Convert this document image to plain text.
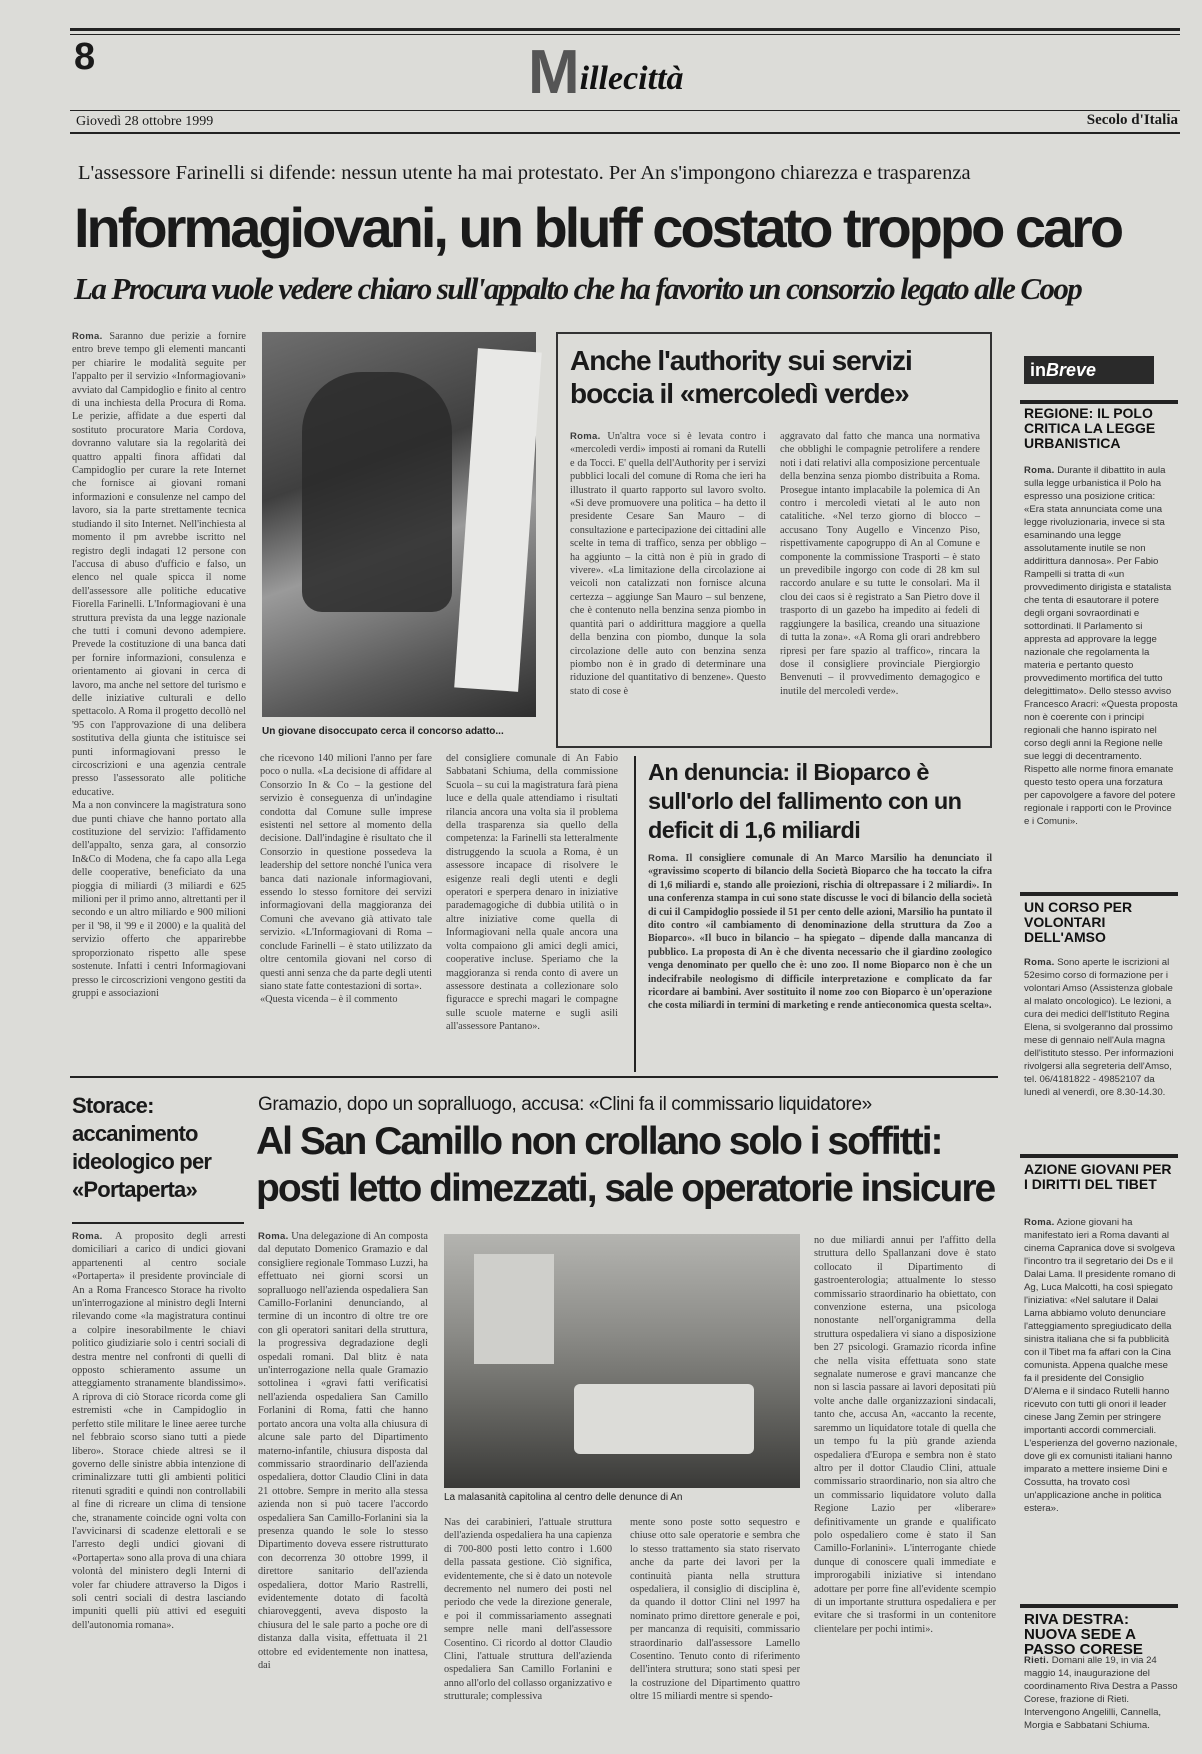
8	Millecittà
Giovedì 28 ottobre 1999	Secolo d'Italia
L'assessore Farinelli si difende: nessun utente ha mai protestato. Per An s'impongono chiarezza e trasparenza
Informagiovani, un bluff costato troppo caro
La Procura vuole vedere chiaro sull'appalto che ha favorito un consorzio legato alle Coop
Roma. Saranno due perizie a fornire entro breve tempo gli elementi mancanti per chiarire le modalità seguite per l'appalto per il servizio «Informagiovani» avviato dal Campidoglio e finito al centro di una inchiesta della Procura di Roma. Le perizie, affidate a due esperti dal sostituto procuratore Maria Cordova, dovranno valutare sia la regolarità dei quattro appalti finora affidati dal Campidoglio per curare la rete Internet che fornisce ai giovani romani informazioni e consulenze nel campo del lavoro, sia la parte strettamente tecnica studiando il sito Internet. Nell'inchiesta al momento il pm avrebbe iscritto nel registro degli indagati 12 persone con l'accusa di abuso d'ufficio e falso, un elenco nel quale spicca il nome dell'assessore alle politiche educative Fiorella Farinelli. L'Informagiovani è una struttura prevista da una legge nazionale che tutti i comuni devono adempiere. Prevede la costituzione di una banca dati per fornire informazioni, consulenza e orientamento ai giovani in cerca di lavoro, ma anche nel settore del turismo e delle iniziative culturali e dello spettacolo. A Roma il progetto decollò nel '95 con l'approvazione di una delibera sostitutiva della giunta che istituisce sei punti informagiovani presso le circoscrizioni e una agenzia centrale presso l'assessorato alle politiche educative.
Ma a non convincere la magistratura sono due punti chiave che hanno portato alla costituzione del servizio: l'affidamento dell'appalto, senza gara, al consorzio In&Co di Modena, che fa capo alla Lega delle cooperative, beneficiato da una pioggia di miliardi (3 miliardi e 625 milioni per il primo anno, altrettanti per il secondo e un altro miliardo e 900 milioni per il '98, il '99 e il 2000) e la qualità del servizio offerto che apparirebbe sproporzionato rispetto alle spese sostenute. Infatti i centri Informagiovani presso le circoscrizioni vengono gestiti da gruppi e associazioni
Un giovane disoccupato cerca il concorso adatto...
che ricevono 140 milioni l'anno per fare poco o nulla. «La decisione di affidare al Consorzio In & Co – la gestione del servizio è conseguenza di un'indagine condotta dal Comune sulle imprese esistenti nel settore al momento della decisione. Dall'indagine è risultato che il Consorzio in questione possedeva la leadership del settore nonché l'unica vera banca dati nazionale informagiovani, essendo lo stesso fornitore dei servizi informagiovani della maggioranza dei Comuni che avevano già attivato tale servizio. «L'Informagiovani di Roma – conclude Farinelli – è stato utilizzato da oltre centomila giovani nel corso di questi anni senza che da parte degli utenti siano state fatte contestazioni di sorta».
«Questa vicenda – è il commento
del consigliere comunale di An Fabio Sabbatani Schiuma, della commissione Scuola – su cui la magistratura farà piena luce e della quale attendiamo i risultati rilancia ancora una volta sia il problema della trasparenza sia quello della competenza: la Farinelli sta letteralmente distruggendo la scuola a Roma, è un assessore incapace di risolvere le esigenze reali degli utenti e degli operatori e sperpera denaro in iniziative parademagogiche di dubbia utilità o in altre iniziative come quella di Informagiovani nella quale ancora una volta compaiono gli amici degli amici, cooperative incluse. Speriamo che la maggioranza si renda conto di avere un assessore destinata a collezionare solo figuracce e sprechi magari le compagne sulle scuole materne e sugli asili all'assessore Pantano».
Anche l'authority sui servizi boccia il «mercoledì verde»
Roma. Un'altra voce si è levata contro i «mercoledì verdi» imposti ai romani da Rutelli e da Tocci. E' quella dell'Authority per i servizi pubblici locali del comune di Roma che ieri ha illustrato il quarto rapporto sul lavoro svolto. «Si deve promuovere una politica – ha detto il presidente Cesare San Mauro – di consultazione e partecipazione dei cittadini alle scelte in tema di traffico, senza per obbligo – ha aggiunto – la città non è più in grado di vivere». «La limitazione della circolazione ai veicoli non catalizzati non fornisce alcuna certezza – aggiunge San Mauro – sul benzene, che è contenuto nella benzina senza piombo in quantità pari o addirittura maggiore a quella della benzina con piombo, dunque la sola circolazione delle auto con benzina senza piombo non è in grado di determinare una riduzione del quantitativo di benzene». Questo stato di cose è
aggravato dal fatto che manca una normativa che obblighi le compagnie petrolifere a rendere noti i dati relativi alla composizione percentuale della benzina senza piombo distribuita a Roma. Prosegue intanto implacabile la polemica di An contro i mercoledì vietati al le auto non catalitiche. «Nel terzo giorno di blocco – accusano Tony Augello e Vincenzo Piso, rispettivamente capogruppo di An al Comune e componente la commissione Trasporti – è stato un prevedibile ingorgo con code di 28 km sul raccordo anulare e su tutte le consolari. Ma il clou dei caos si è registrato a San Pietro dove il trasporto di un gazebo ha impedito ai fedeli di raggiungere la basilica, creando una situazione di tutta la zona». «A Roma gli orari andrebbero ripresi per fare spazio al traffico», rincara la dose il consigliere provinciale Piergiorgio Benvenuti – il provvedimento demagogico e inutile del mercoledì verde».
An denuncia: il Bioparco è sull'orlo del fallimento con un deficit di 1,6 miliardi
Roma. Il consigliere comunale di An Marco Marsilio ha denunciato il «gravissimo scoperto di bilancio della Società Bioparco che ha toccato la cifra di 1,6 miliardi e, stando alle proiezioni, rischia di oltrepassare i 2 miliardi». In una conferenza stampa in cui sono state discusse le voci di bilancio della società di cui il Campidoglio possiede il 51 per cento delle azioni, Marsilio ha puntato il dito contro «il cambiamento di denominazione della struttura da Zoo a Bioparco». «Il buco in bilancio – ha spiegato – dipende dalla mancanza di pubblico. La proposta di An è che diventa necessario che il giardino zoologico venga denominato per quello che è: uno zoo. Il nome Bioparco non è che un indecifrabile neologismo di difficile interpretazione e complicato da far ricordare ai bambini. Aver sostituito il nome zoo con Bioparco è un'operazione che costa miliardi in termini di marketing e rende antieconomica questa scelta».
Storace: accanimento ideologico per «Portaperta»
Roma. A proposito degli arresti domiciliari a carico di undici giovani appartenenti al centro sociale «Portaperta» il presidente provinciale di An a Roma Francesco Storace ha rivolto un'interrogazione al ministro degli Interni rilevando come «la magistratura continui a colpire inesorabilmente le chiavi politico giudiziarie solo i centri sociali di destra mentre nel confronti di quelli di opposto schieramento assume un atteggiamento stranamente blandissimo». A riprova di ciò Storace ricorda come gli estremisti «che in Campidoglio in perfetto stile militare le linee aeree turche nel febbraio scorso siano tutti a piede libero». Storace chiede altresì se il governo delle sinistre abbia intenzione di criminalizzare tutti gli ambienti politici ritenuti sgraditi e quindi non controllabili al fine di ricreare un clima di tensione che, stranamente coincide ogni volta con l'avvicinarsi di scadenze elettorali e se l'arresto degli undici giovani di «Portaperta» sono alla prova di una chiara volontà del ministero degli Interni di voler far chiudere attraverso la Digos i soli centri sociali di destra lasciando impuniti quelli più attivi ed eseguiti dell'autonomia romana».
Gramazio, dopo un sopralluogo, accusa: «Clini fa il commissario liquidatore»
Al San Camillo non crollano solo i soffitti: posti letto dimezzati, sale operatorie insicure
Roma. Una delegazione di An composta dal deputato Domenico Gramazio e dal consigliere regionale Tommaso Luzzi, ha effettuato nei giorni scorsi un sopralluogo nell'azienda ospedaliera San Camillo-Forlanini denunciando, al termine di un incontro di oltre tre ore con gli operatori sanitari della struttura, la progressiva degradazione degli ospedali romani. Dal blitz è nata un'interrogazione nella quale Gramazio sottolinea i «gravi fatti verificatisi nell'azienda ospedaliera San Camillo Forlanini di Roma, fatti che hanno portato ancora una volta alla chiusura di alcune sale parto del Dipartimento materno-infantile, chiusura disposta dal commissario straordinario dell'azienda ospedaliera, dottor Claudio Clini in data 21 ottobre. Sempre in merito alla stessa azienda non si può tacere l'accordo ospedaliera San Camillo-Forlanini sia la presenza quando le sole lo stesso Dipartimento doveva essere ristrutturato con decorrenza 30 ottobre 1999, il direttore sanitario dell'azienda ospedaliera, dottor Mario Rastrelli, evidentemente dotato di facoltà chiaroveggenti, aveva disposto la chiusura del le sale parto a poche ore di distanza dalla visita, effettuata il 21 ottobre ed evidentemente non inattesa, dai
La malasanità capitolina al centro delle denunce di An
Nas dei carabinieri, l'attuale struttura dell'azienda ospedaliera ha una capienza di 700-800 posti letto contro i 1.600 della passata gestione. Ciò significa, evidentemente, che si è dato un notevole decremento nel numero dei posti nel periodo che vede la direzione generale, e poi il commissariamento assegnati sempre nelle mani dell'assessore Cosentino. Ci ricordo al dottor Claudio Clini, l'attuale struttura dell'azienda ospedaliera San Camillo Forlanini e anno all'orlo del collasso organizzativo e strutturale; complessiva
mente sono poste sotto sequestro e chiuse otto sale operatorie e sembra che lo stesso trattamento sia stato riservato anche da parte dei lavori per la continuità pianta nella struttura ospedaliera, il consiglio di disciplina è, da quando il dottor Clini nel 1997 ha nominato primo direttore generale e poi, per mancanza di requisiti, commissario straordinario dall'assessore Lamello Cosentino. Tenuto conto di riferimento dell'intera struttura; sono stati spesi per la costruzione del Dipartimento quattro oltre 15 miliardi mentre si spendo-
no due miliardi annui per l'affitto della struttura dello Spallanzani dove è stato collocato il Dipartimento di gastroenterologia; attualmente lo stesso commissario straordinario ha obiettato, con convenzione esterna, una psicologa nonostante nell'organigramma della struttura ospedaliera vi siano a disposizione ben 27 psicologi. Gramazio ricorda infine che nella visita effettuata sono state segnalate numerose e gravi mancanze che non si lascia passare ai lavori depositati più volte anche dalle organizzazioni sindacali, tanto che, accusa An, «accanto la recente, saremmo un liquidatore totale di quella che un tempo fu la più grande azienda ospedaliera d'Europa e sembra non è stato altro per il dottor Claudio Clini, attuale commissario straordinario, non sia altro che un commissario liquidatore voluto dalla Regione Lazio per «liberare» definitivamente un grande e qualificato polo ospedaliero come è stato il San Camillo-Forlanini». L'interrogante chiede dunque di conoscere quali immediate e improrogabili iniziative si intendano adottare per porre fine all'evidente scempio di un importante struttura ospedaliera e per evitare che si trasformi in un contenitore clientelare per pochi intimi».
inBreve
REGIONE: IL POLO CRITICA LA LEGGE URBANISTICA
Roma. Durante il dibattito in aula sulla legge urbanistica il Polo ha espresso una posizione critica: «Era stata annunciata come una legge rivoluzionaria, invece si sta esaminando una legge assolutamente inutile se non addirittura dannosa». Per Fabio Rampelli si tratta di «un provvedimento dirigista e statalista che tenta di esautorare il potere degli organi sovraordinati e sottordinati. Il Parlamento si appresta ad approvare la legge nazionale che regolamenta la materia e pertanto questo provvedimento mortifica del tutto delegittimato». Dello stesso avviso Francesco Aracri: «Questa proposta non è coerente con i principi regionali che hanno ispirato nel corso degli anni la Regione nelle sue leggi di decentramento. Rispetto alle norme finora emanate questo testo opera una forzatura per capovolgere a favore del potere regionale i rapporti con le Province e i Comuni».
UN CORSO PER VOLONTARI DELL'AMSO
Roma. Sono aperte le iscrizioni al 52esimo corso di formazione per i volontari Amso (Assistenza globale al malato oncologico). Le lezioni, a cura dei medici dell'Istituto Regina Elena, si svolgeranno dal prossimo mese di gennaio nell'Aula magna dell'istituto stesso. Per informazioni rivolgersi alla segreteria dell'Amso, tel. 06/4181822 - 49852107 da lunedì al venerdì, ore 8.30-14.30.
AZIONE GIOVANI PER I DIRITTI DEL TIBET
Roma. Azione giovani ha manifestato ieri a Roma davanti al cinema Capranica dove si svolgeva l'incontro tra il segretario dei Ds e il Dalai Lama. Il presidente romano di Ag, Luca Malcotti, ha così spiegato l'iniziativa: «Nel salutare il Dalai Lama abbiamo voluto denunciare l'atteggiamento spregiudicato della sinistra italiana che si fa pubblicità con il Tibet ma fa affari con la Cina comunista. Appena qualche mese fa il presidente del Consiglio D'Alema e il sindaco Rutelli hanno ricevuto con tutti gli onori il leader cinese Jang Zemin per stringere importanti accordi commerciali. L'esperienza del governo nazionale, dove gli ex comunisti italiani hanno imparato a mettere insieme Dini e Cossutta, ha trovato così un'applicazione anche in politica estera».
RIVA DESTRA: NUOVA SEDE A PASSO CORESE
Rieti. Domani alle 19, in via 24 maggio 14, inaugurazione del coordinamento Riva Destra a Passo Corese, frazione di Rieti. Intervengono Angelilli, Cannella, Morgia e Sabbatani Schiuma.
